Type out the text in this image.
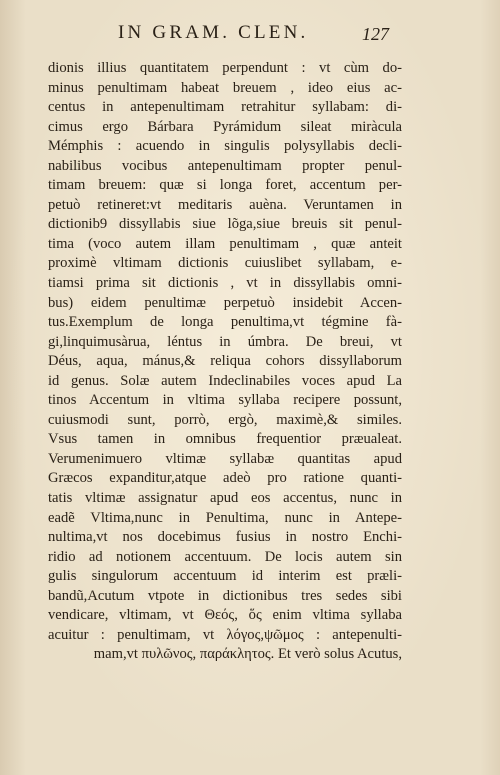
IN GRAM. CLEN.	127
dionis illius quantitatem perpendunt : vt cùm do-
minus penultimam habeat breuem , ideo eius ac-
centus in antepenultimam retrahitur syllabam: di-
cimus ergo Bárbara Pyrámidum sileat miràcula
Mémphis : acuendo in singulis polysyllabis decli-
nabilibus vocibus antepenultimam propter penul-
timam breuem: quæ si longa foret, accentum per-
petuò retineret:vt meditaris auèna. Veruntamen in
dictionib9 dissyllabis siue lõga,siue breuis sit penul-
tima (voco autem illam penultimam , quæ anteit
proximè vltimam dictionis cuiuslibet syllabam, e-
tiamsi prima sit dictionis , vt in dissyllabis omni-
bus) eidem penultimæ perpetuò insidebit Accen-
tus.Exemplum de longa penultima,vt tégmine fà-
gi,linquimusàrua, léntus in úmbra. De breui, vt
Déus, aqua, mánus,& reliqua cohors dissyllaborum
id genus. Solæ autem Indeclinabiles voces apud La
tinos Accentum in vltima syllaba recipere possunt,
cuiusmodi sunt, porrò, ergò, maximè,& similes.
Vsus tamen in omnibus frequentior præualeat.
Verumenimuero vltimæ syllabæ quantitas apud
Græcos expanditur,atque adeò pro ratione quanti-
tatis vltimæ assignatur apud eos accentus, nunc in
eadẽ Vltima,nunc in Penultima, nunc in Antepe-
nultima,vt nos docebimus fusius in nostro Enchi-
ridio ad notionem accentuum. De locis autem sin
gulis singulorum accentuum id interim est præli-
bandũ,Acutum vtpote in dictionibus tres sedes sibi
vendicare, vltimam, vt Θεός, ὅς enim vltima syllaba
acuitur : penultimam, vt λόγος,ψῶμος : antepenulti-
mam,vt πυλῶνος, παράκλητος. Et verò solus Acutus,
